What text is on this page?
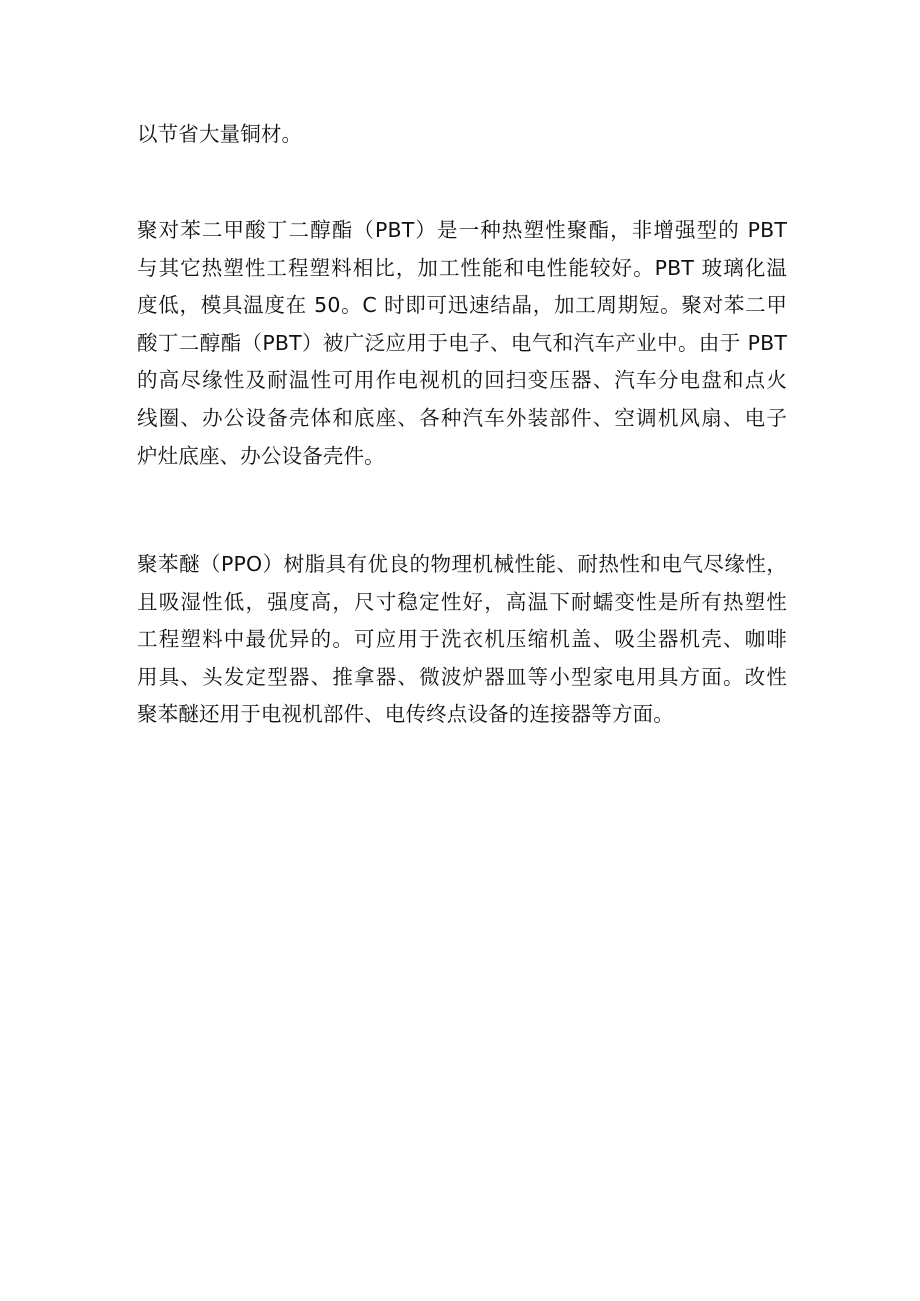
以节省大量铜材。
聚对苯二甲酸丁二醇酯（PBT）是一种热塑性聚酯，非增强型的 PBT
与其它热塑性工程塑料相比，加工性能和电性能较好。PBT 玻璃化温
度低，模具温度在 50。C 时即可迅速结晶，加工周期短。聚对苯二甲
酸丁二醇酯（PBT）被广泛应用于电子、电气和汽车产业中。由于 PBT
的高尽缘性及耐温性可用作电视机的回扫变压器、汽车分电盘和点火
线圈、办公设备壳体和底座、各种汽车外装部件、空调机风扇、电子
炉灶底座、办公设备壳件。
聚苯醚（PPO）树脂具有优良的物理机械性能、耐热性和电气尽缘性，
且吸湿性低，强度高，尺寸稳定性好，高温下耐蠕变性是所有热塑性
工程塑料中最优异的。可应用于洗衣机压缩机盖、吸尘器机壳、咖啡
用具、头发定型器、推拿器、微波炉器皿等小型家电用具方面。改性
聚苯醚还用于电视机部件、电传终点设备的连接器等方面。
